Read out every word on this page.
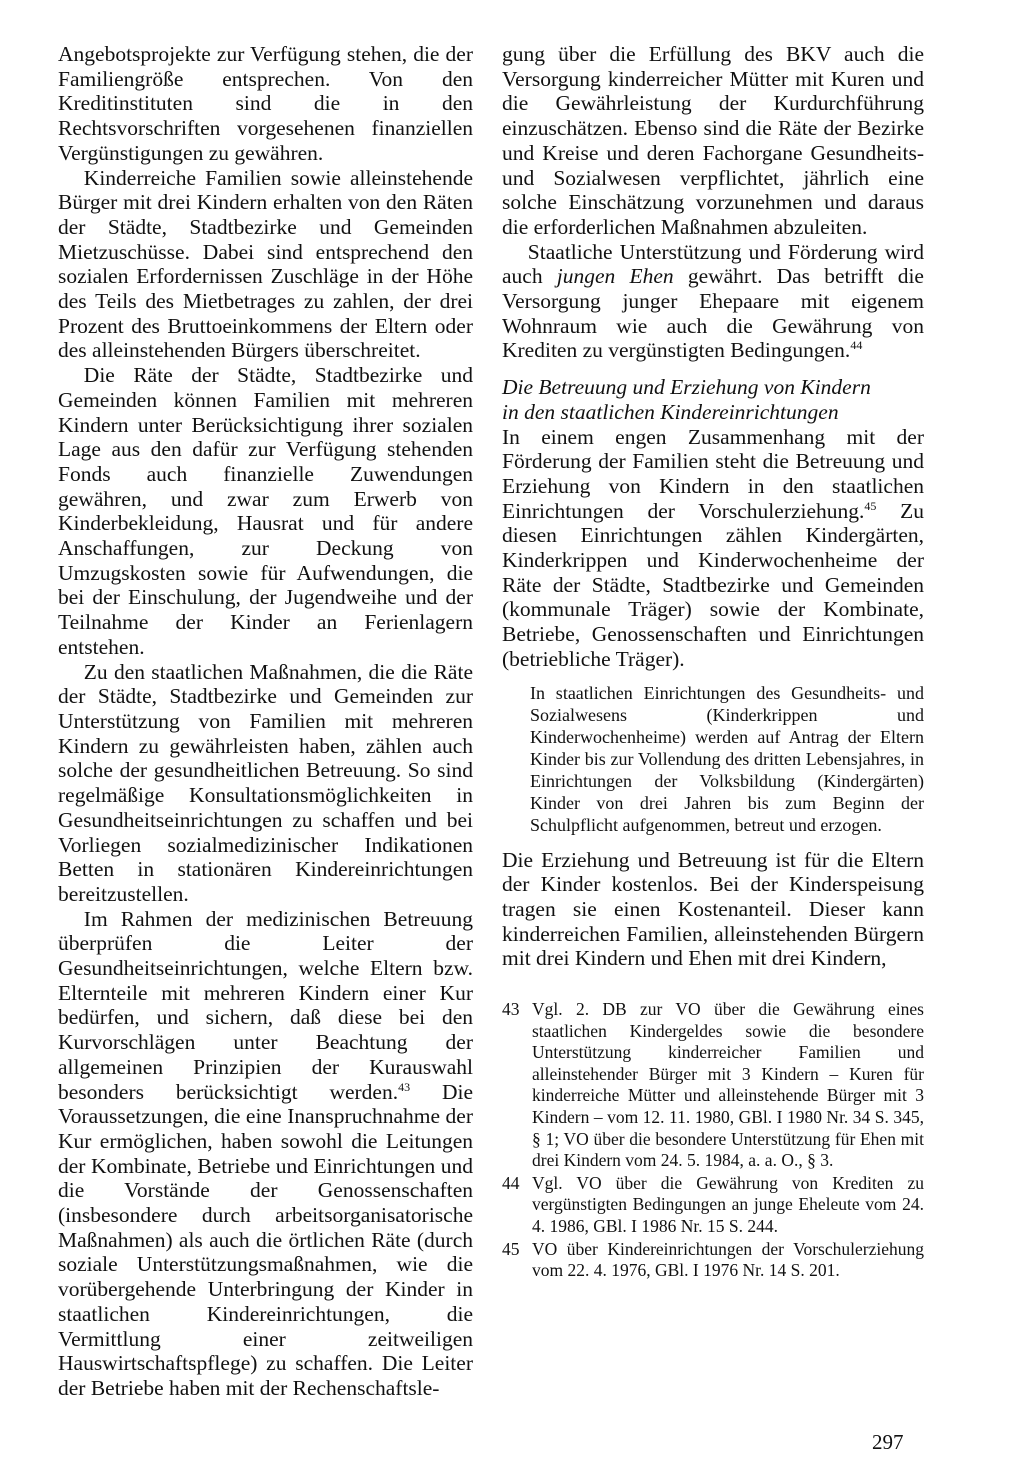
Angebotsprojekte zur Verfügung stehen, die der Familiengröße entsprechen. Von den Kreditinstituten sind die in den Rechtsvorschriften vorgesehenen finanziellen Vergünstigungen zu gewähren.

Kinderreiche Familien sowie alleinstehende Bürger mit drei Kindern erhalten von den Räten der Städte, Stadtbezirke und Gemeinden Mietzuschüsse. Dabei sind entsprechend den sozialen Erfordernissen Zuschläge in der Höhe des Teils des Mietbetrages zu zahlen, der drei Prozent des Bruttoeinkommens der Eltern oder des alleinstehenden Bürgers überschreitet.

Die Räte der Städte, Stadtbezirke und Gemeinden können Familien mit mehreren Kindern unter Berücksichtigung ihrer sozialen Lage aus den dafür zur Verfügung stehenden Fonds auch finanzielle Zuwendungen gewähren, und zwar zum Erwerb von Kinderbekleidung, Hausrat und für andere Anschaffungen, zur Deckung von Umzugskosten sowie für Aufwendungen, die bei der Einschulung, der Jugendweihe und der Teilnahme der Kinder an Ferienlagern entstehen.

Zu den staatlichen Maßnahmen, die die Räte der Städte, Stadtbezirke und Gemeinden zur Unterstützung von Familien mit mehreren Kindern zu gewährleisten haben, zählen auch solche der gesundheitlichen Betreuung. So sind regelmäßige Konsultationsmöglichkeiten in Gesundheitseinrichtungen zu schaffen und bei Vorliegen sozialmedizinischer Indikationen Betten in stationären Kindereinrichtungen bereitzustellen.

Im Rahmen der medizinischen Betreuung überprüfen die Leiter der Gesundheitseinrichtungen, welche Eltern bzw. Elternteile mit mehreren Kindern einer Kur bedürfen, und sichern, daß diese bei den Kurvorschlägen unter Beachtung der allgemeinen Prinzipien der Kurauswahl besonders berücksichtigt werden.$^{43}$ Die Voraussetzungen, die eine Inanspruchnahme der Kur ermöglichen, haben sowohl die Leitungen der Kombinate, Betriebe und Einrichtungen und die Vorstände der Genossenschaften (insbesondere durch arbeitsorganisatorische Maßnahmen) als auch die örtlichen Räte (durch soziale Unterstützungsmaßnahmen, wie die vorübergehende Unterbringung der Kinder in staatlichen Kindereinrichtungen, die Vermittlung einer zeitweiligen Hauswirtschaftspflege) zu schaffen. Die Leiter der Betriebe haben mit der Rechenschaftsle-

gung über die Erfüllung des BKV auch die Versorgung kinderreicher Mütter mit Kuren und die Gewährleistung der Kurdurchführung einzuschätzen. Ebenso sind die Räte der Bezirke und Kreise und deren Fachorgane Gesundheits- und Sozialwesen verpflichtet, jährlich eine solche Einschätzung vorzunehmen und daraus die erforderlichen Maßnahmen abzuleiten.

Staatliche Unterstützung und Förderung wird auch jungen Ehen gewährt. Das betrifft die Versorgung junger Ehepaare mit eigenem Wohnraum wie auch die Gewährung von Krediten zu vergünstigten Bedingungen.$^{44}$

Die Betreuung und Erziehung von Kindern
in den staatlichen Kindereinrichtungen

In einem engen Zusammenhang mit der Förderung der Familien steht die Betreuung und Erziehung von Kindern in den staatlichen Einrichtungen der Vorschulerziehung.$^{45}$ Zu diesen Einrichtungen zählen Kindergärten, Kinderkrippen und Kinderwochenheime der Räte der Städte, Stadtbezirke und Gemeinden (kommunale Träger) sowie der Kombinate, Betriebe, Genossenschaften und Einrichtungen (betriebliche Träger).

In staatlichen Einrichtungen des Gesundheits- und Sozialwesens (Kinderkrippen und Kinderwochenheime) werden auf Antrag der Eltern Kinder bis zur Vollendung des dritten Lebensjahres, in Einrichtungen der Volksbildung (Kindergärten) Kinder von drei Jahren bis zum Beginn der Schulpflicht aufgenommen, betreut und erzogen.

Die Erziehung und Betreuung ist für die Eltern der Kinder kostenlos. Bei der Kinderspeisung tragen sie einen Kostenanteil. Dieser kann kinderreichen Familien, alleinstehenden Bürgern mit drei Kindern und Ehen mit drei Kindern,

43 Vgl. 2. DB zur VO über die Gewährung eines staatlichen Kindergeldes sowie die besondere Unterstützung kinderreicher Familien und alleinstehender Bürger mit 3 Kindern – Kuren für kinderreiche Mütter und alleinstehende Bürger mit 3 Kindern – vom 12. 11. 1980, GBl. I 1980 Nr. 34 S. 345, § 1; VO über die besondere Unterstützung für Ehen mit drei Kindern vom 24. 5. 1984, a. a. O., § 3.
44 Vgl. VO über die Gewährung von Krediten zu vergünstigten Bedingungen an junge Eheleute vom 24. 4. 1986, GBl. I 1986 Nr. 15 S. 244.
45 VO über Kindereinrichtungen der Vorschulerziehung vom 22. 4. 1976, GBl. I 1976 Nr. 14 S. 201.
297
